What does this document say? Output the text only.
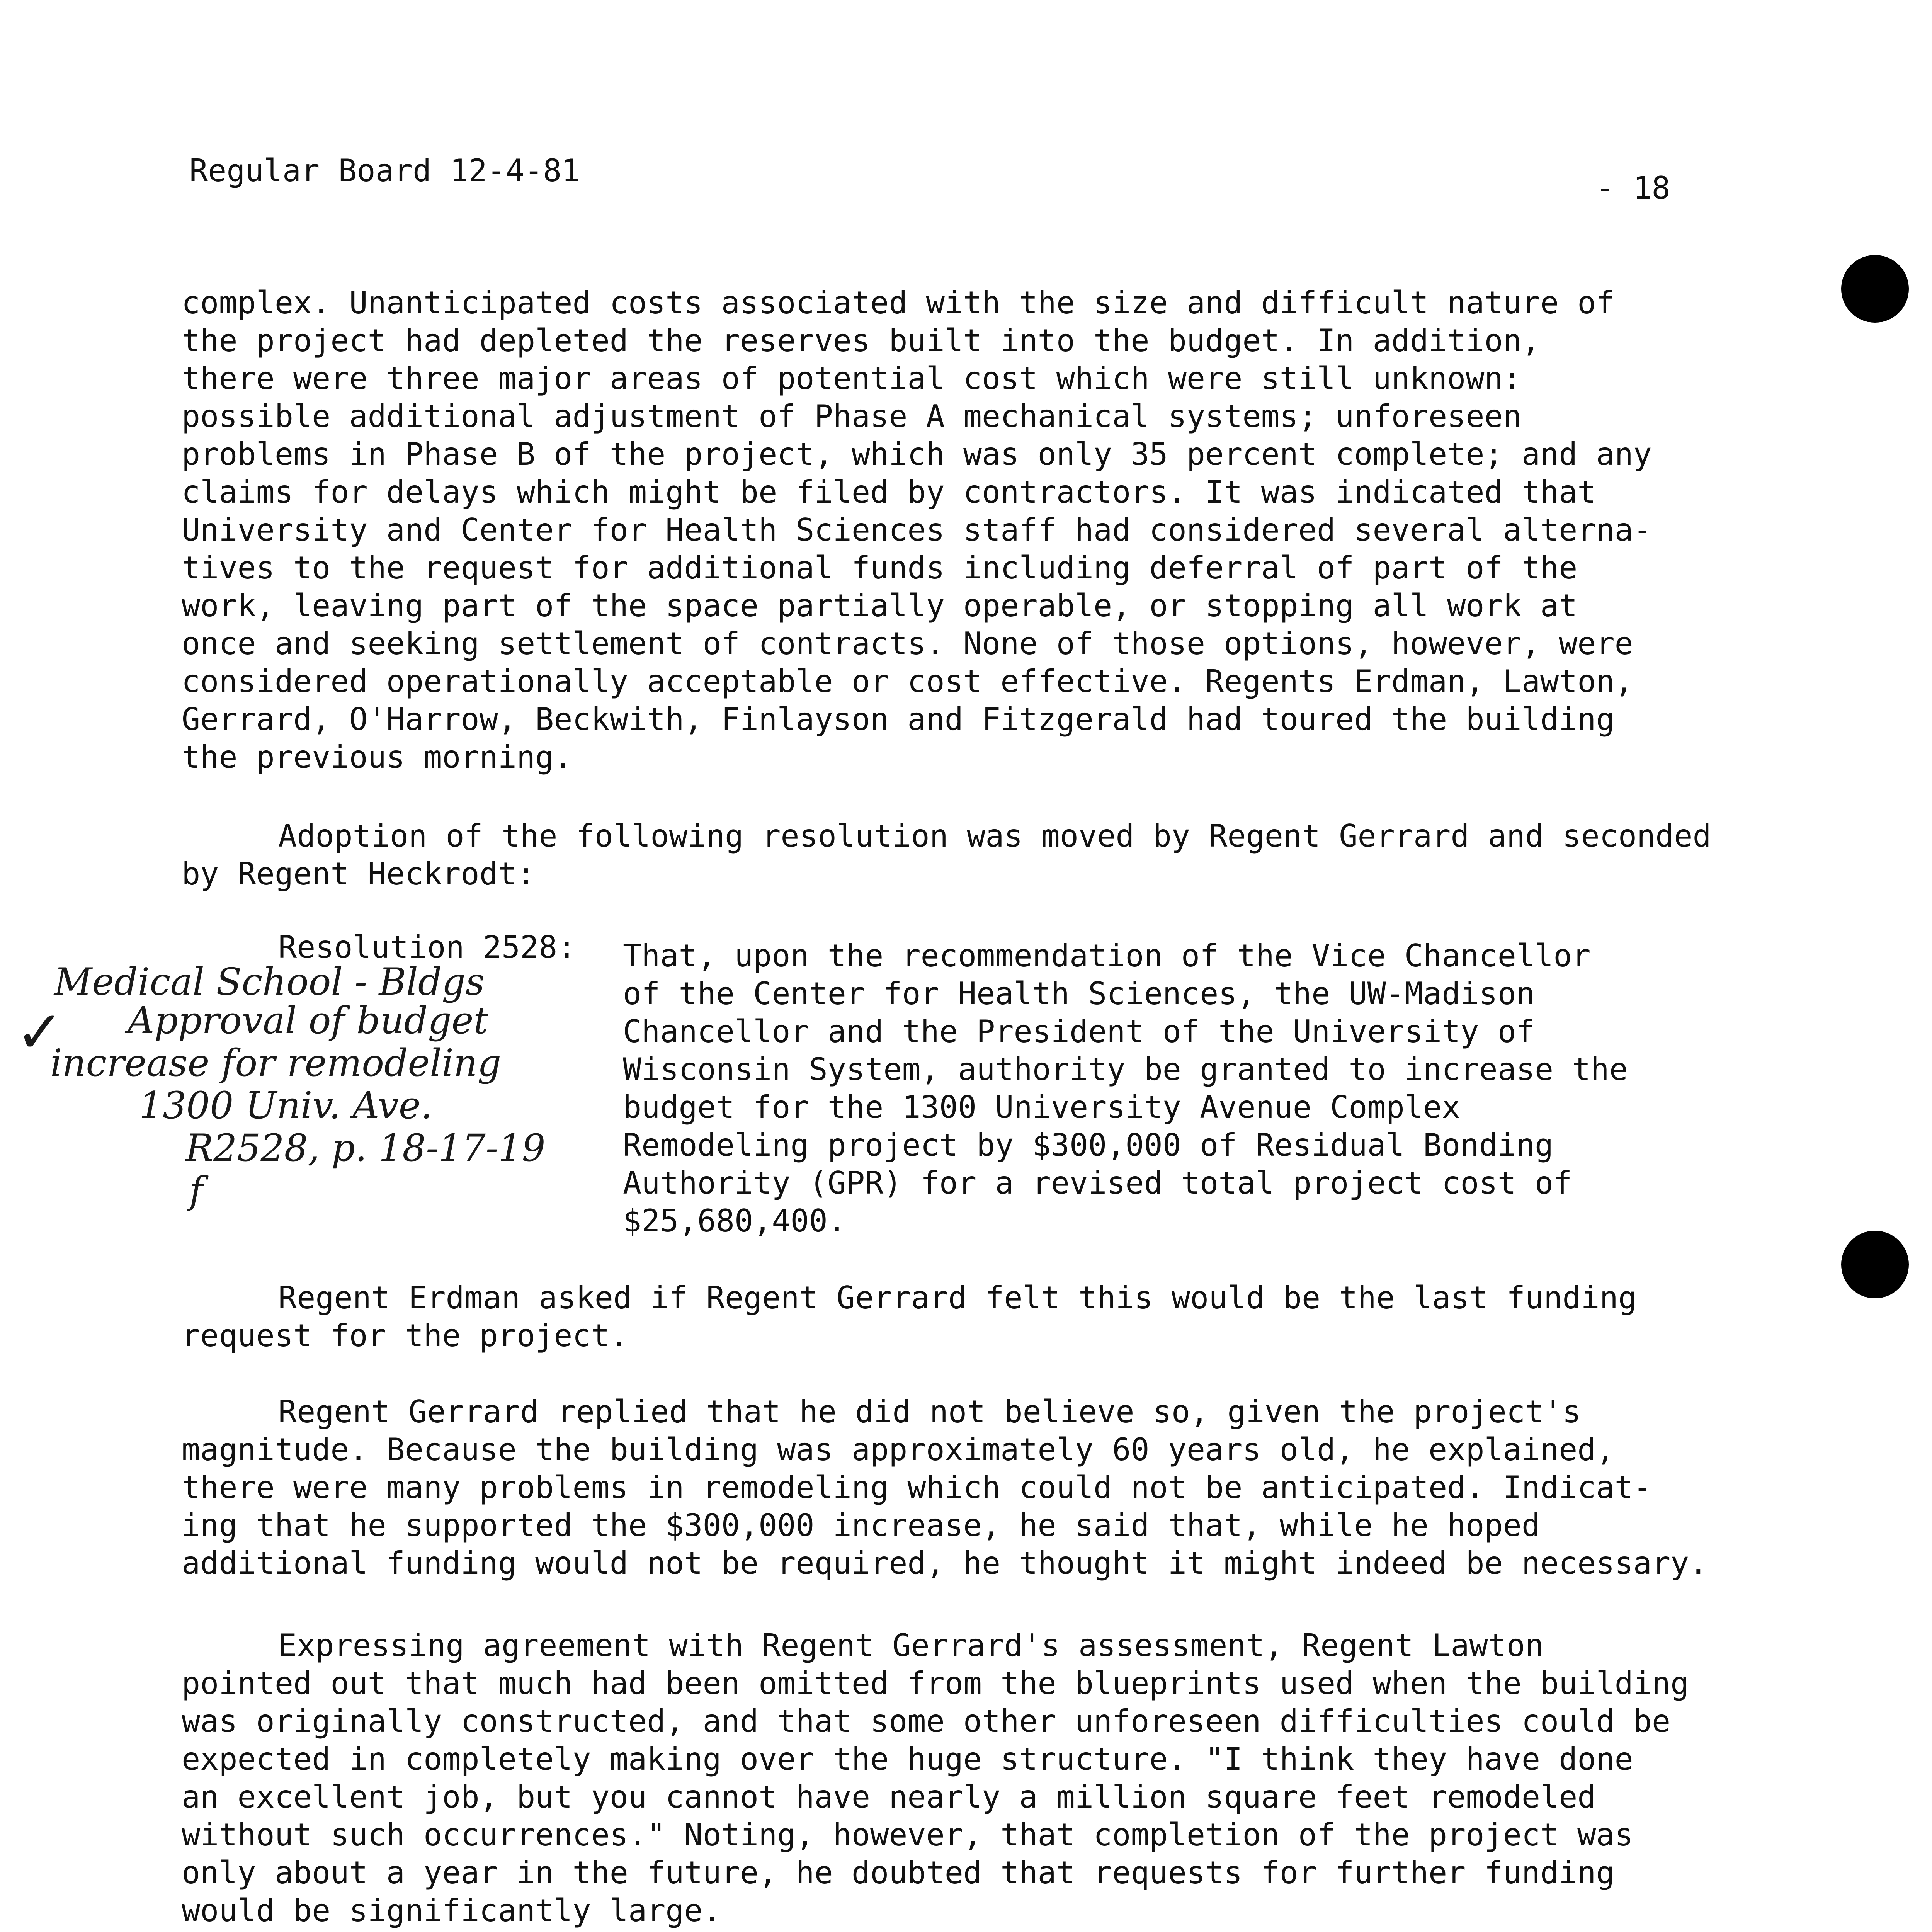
Regular Board 12-4-81	- 18

complex. Unanticipated costs associated with the size and difficult nature of
the project had depleted the reserves built into the budget. In addition,
there were three major areas of potential cost which were still unknown:
possible additional adjustment of Phase A mechanical systems; unforeseen
problems in Phase B of the project, which was only 35 percent complete; and any
claims for delays which might be filed by contractors. It was indicated that
University and Center for Health Sciences staff had considered several alterna-
tives to the request for additional funds including deferral of part of the
work, leaving part of the space partially operable, or stopping all work at
once and seeking settlement of contracts. None of those options, however, were
considered operationally acceptable or cost effective. Regents Erdman, Lawton,
Gerrard, O'Harrow, Beckwith, Finlayson and Fitzgerald had toured the building
the previous morning.

Adoption of the following resolution was moved by Regent Gerrard and seconded
by Regent Heckrodt:

Resolution 2528: That, upon the recommendation of the Vice Chancellor
of the Center for Health Sciences, the UW-Madison
Chancellor and the President of the University of
Wisconsin System, authority be granted to increase the
budget for the 1300 University Avenue Complex
Remodeling project by $300,000 of Residual Bonding
Authority (GPR) for a revised total project cost of
$25,680,400.

✓
Medical School - Bldgs
Approval of budget
increase for remodeling
1300 Univ. Ave.
R2528, p. 18-17-19
f

Regent Erdman asked if Regent Gerrard felt this would be the last funding
request for the project.

Regent Gerrard replied that he did not believe so, given the project's
magnitude. Because the building was approximately 60 years old, he explained,
there were many problems in remodeling which could not be anticipated. Indicat-
ing that he supported the $300,000 increase, he said that, while he hoped
additional funding would not be required, he thought it might indeed be necessary.

Expressing agreement with Regent Gerrard's assessment, Regent Lawton
pointed out that much had been omitted from the blueprints used when the building
was originally constructed, and that some other unforeseen difficulties could be
expected in completely making over the huge structure. "I think they have done
an excellent job, but you cannot have nearly a million square feet remodeled
without such occurrences." Noting, however, that completion of the project was
only about a year in the future, he doubted that requests for further funding
would be significantly large.
